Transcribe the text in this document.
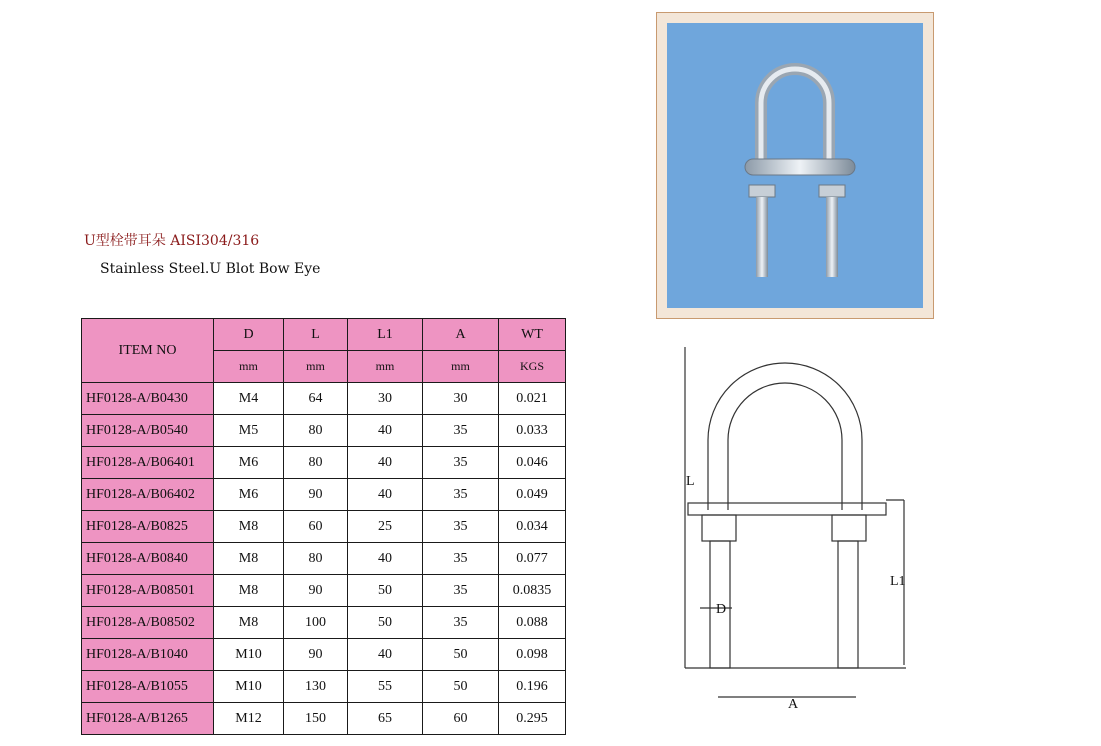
U型栓带耳朵 AISI304/316
Stainless Steel.U Blot Bow Eye
ITEM NO	D	L	L1	A	WT
	mm	mm	mm	mm	KGS
HF0128-A/B0430	M4	64	30	30	0.021
HF0128-A/B0540	M5	80	40	35	0.033
HF0128-A/B06401	M6	80	40	35	0.046
HF0128-A/B06402	M6	90	40	35	0.049
HF0128-A/B0825	M8	60	25	35	0.034
HF0128-A/B0840	M8	80	40	35	0.077
HF0128-A/B08501	M8	90	50	35	0.0835
HF0128-A/B08502	M8	100	50	35	0.088
HF0128-A/B1040	M10	90	40	50	0.098
HF0128-A/B1055	M10	130	55	50	0.196
HF0128-A/B1265	M12	150	65	60	0.295
L
L1
D
A
